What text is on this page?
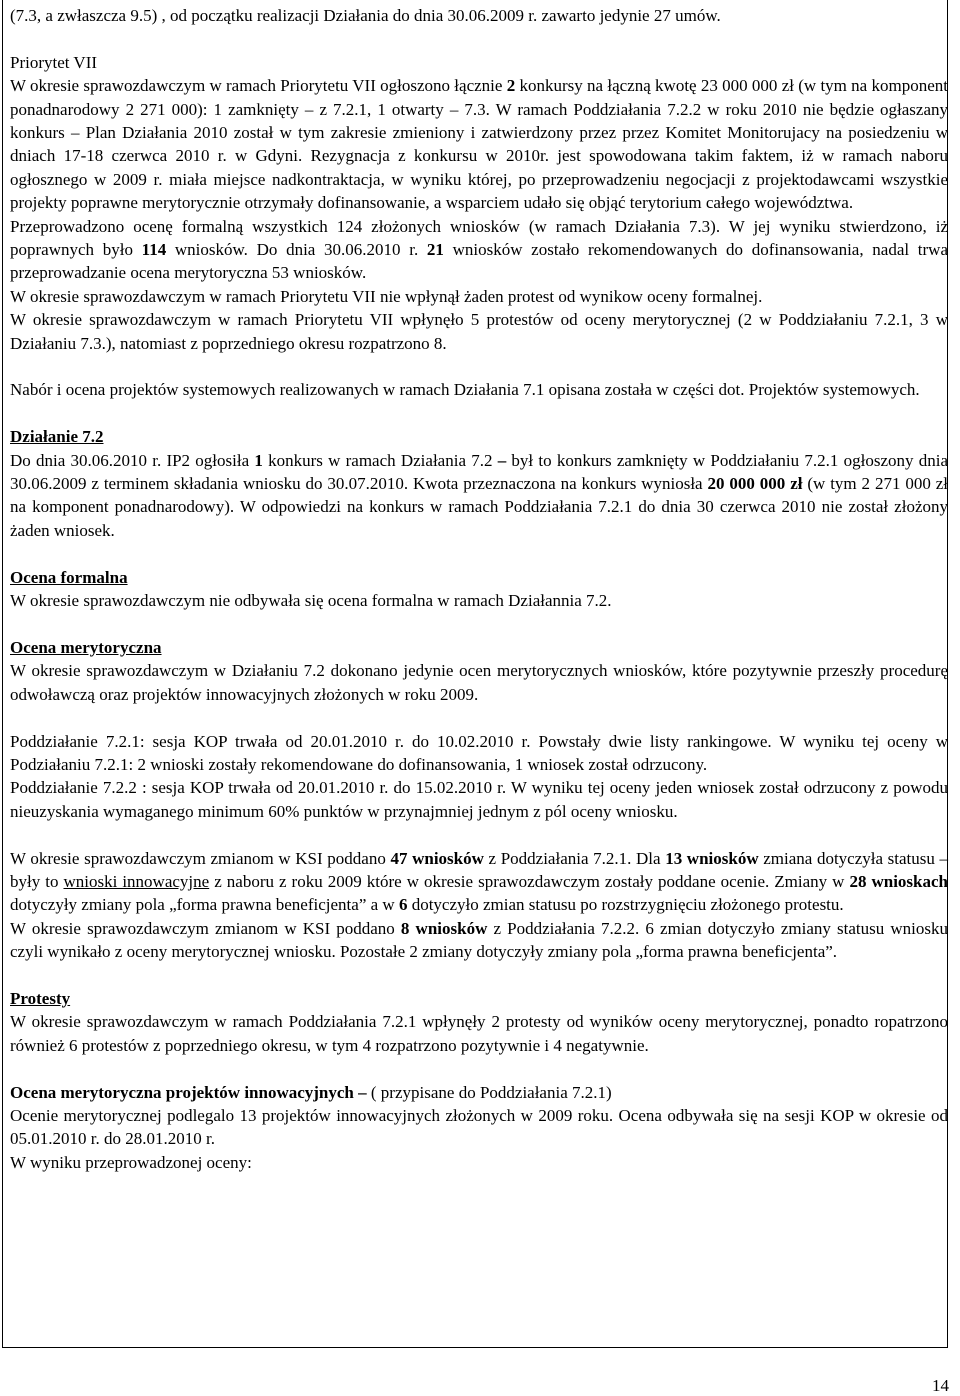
(7.3, a zwłaszcza 9.5) , od początku realizacji Działania do dnia 30.06.2009 r. zawarto jedynie 27 umów.

Priorytet VII

W okresie sprawozdawczym w ramach Priorytetu VII ogłoszono łącznie 2 konkursy na łączną kwotę 23 000 000 zł (w tym na komponent ponadnarodowy 2 271 000): 1 zamknięty – z 7.2.1, 1 otwarty – 7.3. W ramach Poddziałania 7.2.2 w roku 2010 nie będzie ogłaszany konkurs – Plan Działania 2010 został w tym zakresie zmieniony i zatwierdzony przez przez Komitet Monitorujacy na posiedzeniu w dniach 17-18 czerwca 2010 r. w Gdyni. Rezygnacja z konkursu w 2010r. jest spowodowana takim faktem, iż w ramach naboru ogłosznego w 2009 r. miała miejsce nadkontraktacja, w wyniku której, po przeprowadzeniu negocjacji z projektodawcami wszystkie projekty poprawne merytorycznie otrzymały dofinansowanie, a wsparciem udało się objąć terytorium całego województwa.

Przeprowadzono ocenę formalną wszystkich 124 złożonych wniosków (w ramach Działania 7.3). W jej wyniku stwierdzono, iż poprawnych było 114 wniosków. Do dnia 30.06.2010 r. 21 wniosków zostało rekomendowanych do dofinansowania, nadal trwa przeprowadzanie ocena merytoryczna 53 wniosków.

W okresie sprawozdawczym w ramach Priorytetu VII nie wpłynął żaden protest od wynikow oceny formalnej.

W okresie sprawozdawczym w ramach Priorytetu VII wpłynęło 5 protestów od oceny merytorycznej (2 w Poddziałaniu 7.2.1, 3 w Działaniu 7.3.), natomiast z poprzedniego okresu rozpatrzono 8.

Nabór i ocena projektów systemowych realizowanych w ramach Działania 7.1 opisana została w części dot. Projektów systemowych.

Działanie 7.2

Do dnia 30.06.2010 r. IP2 ogłosiła 1 konkurs w ramach Działania 7.2 – był to konkurs zamknięty w Poddziałaniu 7.2.1 ogłoszony dnia 30.06.2009 z terminem składania wniosku do 30.07.2010. Kwota przeznaczona na konkurs wyniosła 20 000 000 zł (w tym 2 271 000 zł na komponent ponadnarodowy). W odpowiedzi na konkurs w ramach Poddziałania 7.2.1 do dnia 30 czerwca 2010 nie został złożony żaden wniosek.

Ocena formalna

W okresie sprawozdawczym nie odbywała się ocena formalna w ramach Działannia 7.2.

Ocena merytoryczna

W okresie sprawozdawczym w Działaniu 7.2 dokonano jedynie ocen merytorycznych wniosków, które pozytywnie przeszły procedurę odwoławczą oraz projektów innowacyjnych złożonych w roku 2009.

Poddziałanie 7.2.1: sesja KOP trwała od 20.01.2010 r. do 10.02.2010 r. Powstały dwie listy rankingowe. W wyniku tej oceny w Podziałaniu 7.2.1: 2 wnioski zostały rekomendowane do dofinansowania, 1 wniosek został odrzucony.

Poddziałanie 7.2.2 : sesja KOP trwała od 20.01.2010 r. do 15.02.2010 r. W wyniku tej oceny jeden wniosek został odrzucony z powodu nieuzyskania wymaganego minimum 60% punktów w przynajmniej jednym z pól oceny wniosku.

W okresie sprawozdawczym zmianom w KSI poddano 47 wniosków z Poddziałania 7.2.1. Dla 13 wniosków zmiana dotyczyła statusu – były to wnioski innowacyjne z naboru z roku 2009 które w okresie sprawozdawczym zostały poddane ocenie. Zmiany w 28 wnioskach dotyczyły zmiany pola „forma prawna beneficjenta” a w 6 dotyczyło zmian statusu po rozstrzygnięciu złożonego protestu.

W okresie sprawozdawczym zmianom w KSI poddano 8 wniosków z Poddziałania 7.2.2. 6 zmian dotyczyło zmiany statusu wniosku czyli wynikało z oceny merytorycznej wniosku. Pozostałe 2 zmiany dotyczyły zmiany pola „forma prawna beneficjenta”.

Protesty

W okresie sprawozdawczym w ramach Poddziałania 7.2.1 wpłynęły 2 protesty od wyników oceny merytorycznej, ponadto ropatrzono również 6 protestów z poprzedniego okresu, w tym 4 rozpatrzono pozytywnie i 4 negatywnie.

Ocena merytoryczna projektów innowacyjnych – ( przypisane do Poddziałania 7.2.1)

Ocenie merytorycznej podlegalo 13 projektów innowacyjnych złożonych w 2009 roku. Ocena odbywała się na sesji KOP w okresie od 05.01.2010 r. do 28.01.2010 r.

W wyniku przeprowadzonej oceny:

14
